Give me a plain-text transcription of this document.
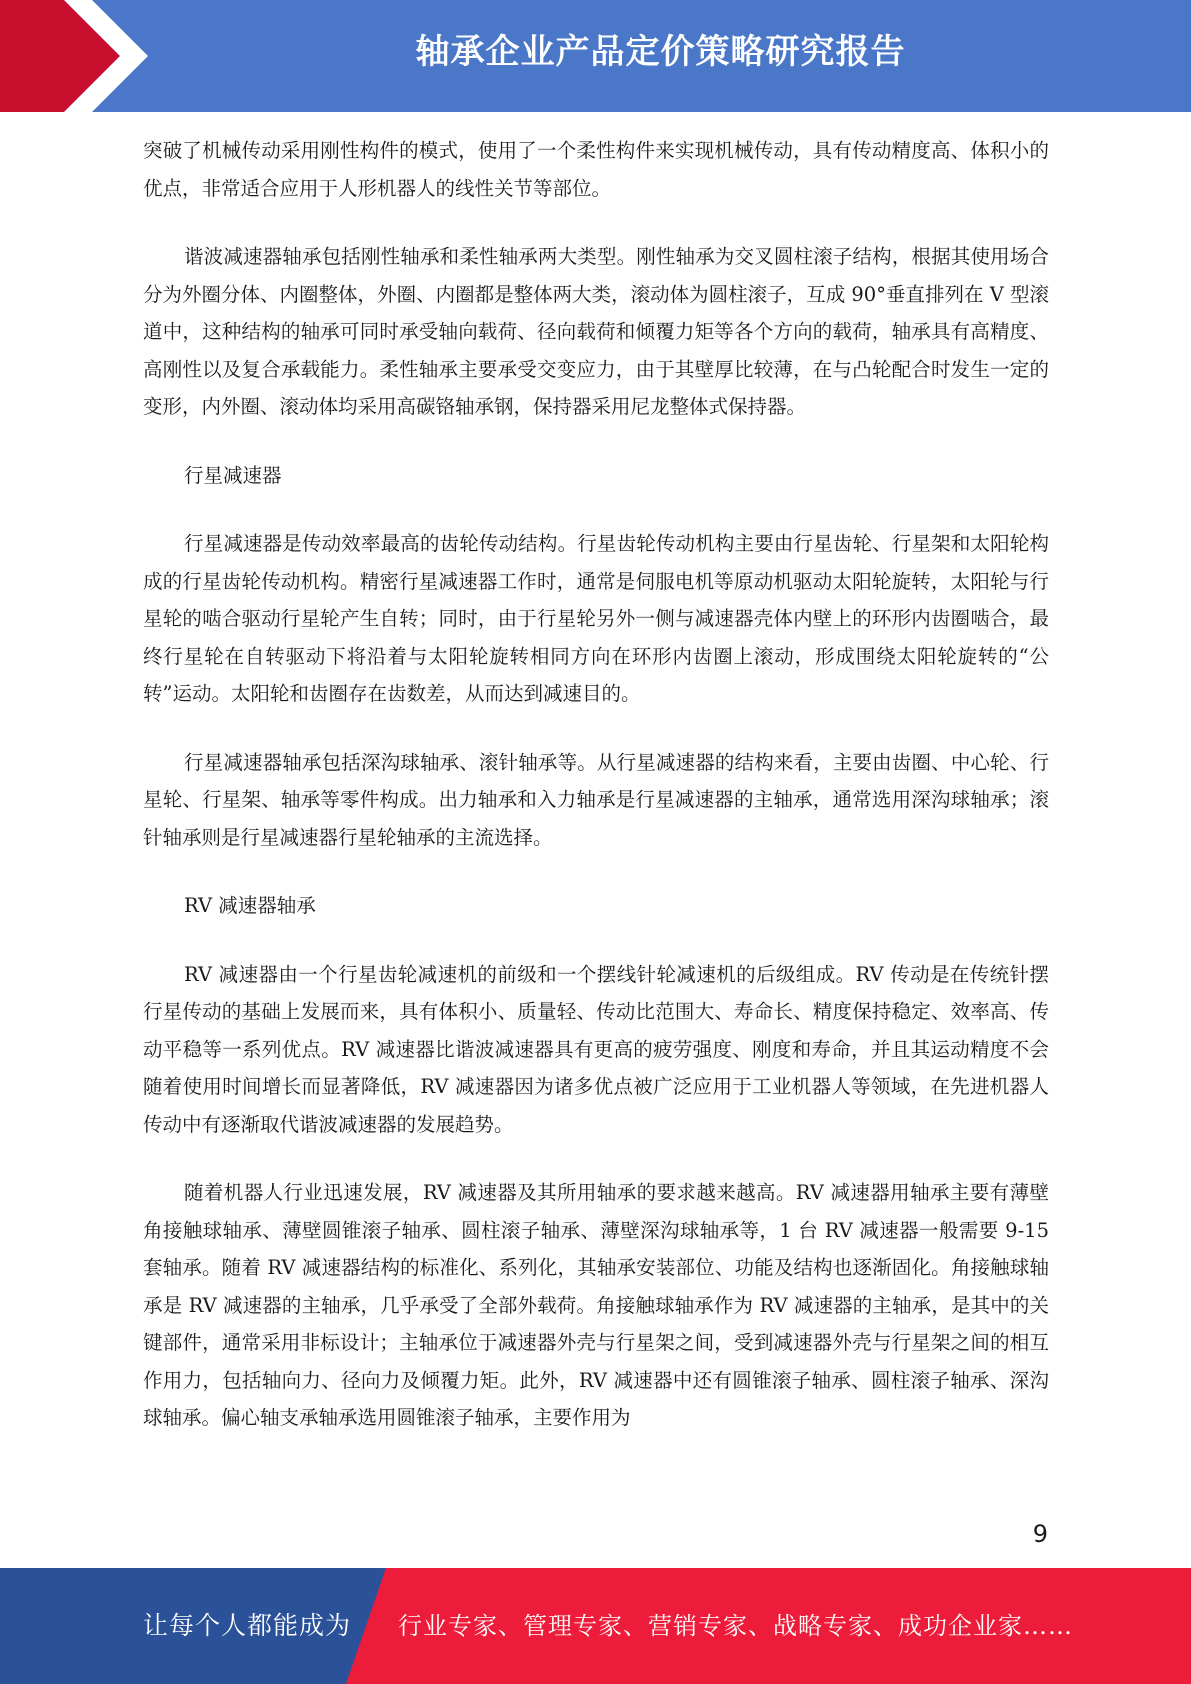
轴承企业产品定价策略研究报告

突破了机械传动采用刚性构件的模式，使用了一个柔性构件来实现机械传动，具有传动精度高、体积小的优点，非常适合应用于人形机器人的线性关节等部位。

谐波减速器轴承包括刚性轴承和柔性轴承两大类型。刚性轴承为交叉圆柱滚子结构，根据其使用场合分为外圈分体、内圈整体，外圈、内圈都是整体两大类，滚动体为圆柱滚子，互成 90°垂直排列在 V 型滚道中，这种结构的轴承可同时承受轴向载荷、径向载荷和倾覆力矩等各个方向的载荷，轴承具有高精度、高刚性以及复合承载能力。柔性轴承主要承受交变应力，由于其壁厚比较薄，在与凸轮配合时发生一定的变形，内外圈、滚动体均采用高碳铬轴承钢，保持器采用尼龙整体式保持器。

行星减速器

行星减速器是传动效率最高的齿轮传动结构。行星齿轮传动机构主要由行星齿轮、行星架和太阳轮构成的行星齿轮传动机构。精密行星减速器工作时，通常是伺服电机等原动机驱动太阳轮旋转，太阳轮与行星轮的啮合驱动行星轮产生自转；同时，由于行星轮另外一侧与减速器壳体内壁上的环形内齿圈啮合，最终行星轮在自转驱动下将沿着与太阳轮旋转相同方向在环形内齿圈上滚动，形成围绕太阳轮旋转的“公转”运动。太阳轮和齿圈存在齿数差，从而达到减速目的。

行星减速器轴承包括深沟球轴承、滚针轴承等。从行星减速器的结构来看，主要由齿圈、中心轮、行星轮、行星架、轴承等零件构成。出力轴承和入力轴承是行星减速器的主轴承，通常选用深沟球轴承；滚针轴承则是行星减速器行星轮轴承的主流选择。

RV 减速器轴承

RV 减速器由一个行星齿轮减速机的前级和一个摆线针轮减速机的后级组成。RV 传动是在传统针摆行星传动的基础上发展而来，具有体积小、质量轻、传动比范围大、寿命长、精度保持稳定、效率高、传动平稳等一系列优点。RV 减速器比谐波减速器具有更高的疲劳强度、刚度和寿命，并且其运动精度不会随着使用时间增长而显著降低，RV 减速器因为诸多优点被广泛应用于工业机器人等领域，在先进机器人传动中有逐渐取代谐波减速器的发展趋势。

随着机器人行业迅速发展，RV 减速器及其所用轴承的要求越来越高。RV 减速器用轴承主要有薄壁角接触球轴承、薄壁圆锥滚子轴承、圆柱滚子轴承、薄壁深沟球轴承等，1 台 RV 减速器一般需要 9-15 套轴承。随着 RV 减速器结构的标准化、系列化，其轴承安装部位、功能及结构也逐渐固化。角接触球轴承是 RV 减速器的主轴承，几乎承受了全部外载荷。角接触球轴承作为 RV 减速器的主轴承，是其中的关键部件，通常采用非标设计；主轴承位于减速器外壳与行星架之间，受到减速器外壳与行星架之间的相互作用力，包括轴向力、径向力及倾覆力矩。此外，RV 减速器中还有圆锥滚子轴承、圆柱滚子轴承、深沟球轴承。偏心轴支承轴承选用圆锥滚子轴承，主要作用为

9
让每个人都能成为 行业专家、管理专家、营销专家、战略专家、成功企业家……
